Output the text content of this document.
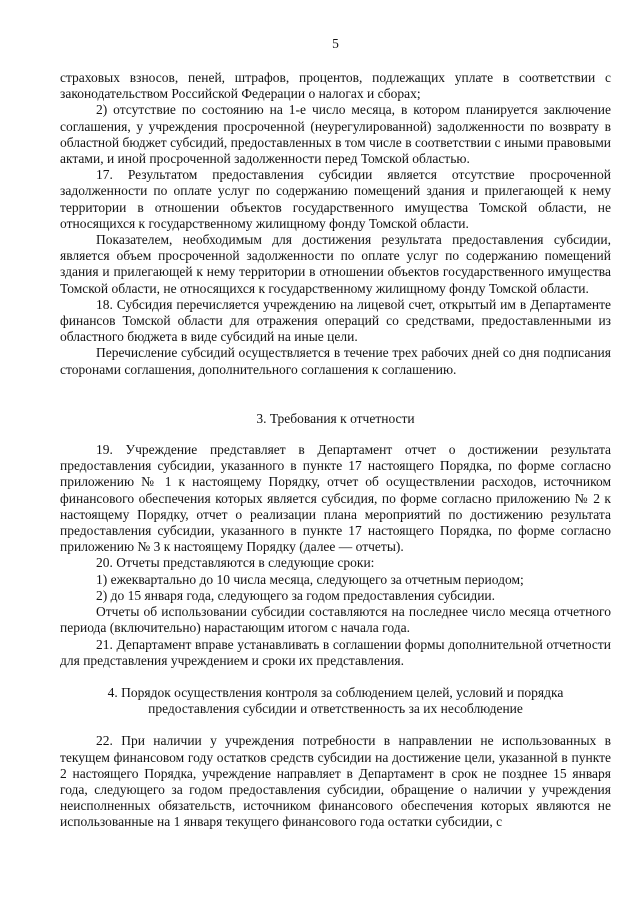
5

страховых взносов, пеней, штрафов, процентов, подлежащих уплате в соответствии с законодательством Российской Федерации о налогах и сборах;

2) отсутствие по состоянию на 1-е число месяца, в котором планируется заключение соглашения, у учреждения просроченной (неурегулированной) задолженности по возврату в областной бюджет субсидий, предоставленных в том числе в соответствии с иными правовыми актами, и иной просроченной задолженности перед Томской областью.

17. Результатом предоставления субсидии является отсутствие просроченной задолженности по оплате услуг по содержанию помещений здания и прилегающей к нему территории в отношении объектов государственного имущества Томской области, не относящихся к государственному жилищному фонду Томской области.

Показателем, необходимым для достижения результата предоставления субсидии, является объем просроченной задолженности по оплате услуг по содержанию помещений здания и прилегающей к нему территории в отношении объектов государственного имущества Томской области, не относящихся к государственному жилищному фонду Томской области.

18. Субсидия перечисляется учреждению на лицевой счет, открытый им в Департаменте финансов Томской области для отражения операций со средствами, предоставленными из областного бюджета в виде субсидий на иные цели.

Перечисление субсидий осуществляется в течение трех рабочих дней со дня подписания сторонами соглашения, дополнительного соглашения к соглашению.

3. Требования к отчетности

19. Учреждение представляет в Департамент отчет о достижении результата предоставления субсидии, указанного в пункте 17 настоящего Порядка, по форме согласно приложению № 1 к настоящему Порядку, отчет об осуществлении расходов, источником финансового обеспечения которых является субсидия, по форме согласно приложению № 2 к настоящему Порядку, отчет о реализации плана мероприятий по достижению результата предоставления субсидии, указанного в пункте 17 настоящего Порядка, по форме согласно приложению № 3 к настоящему Порядку (далее — отчеты).

20. Отчеты представляются в следующие сроки:

1) ежеквартально до 10 числа месяца, следующего за отчетным периодом;

2) до 15 января года, следующего за годом предоставления субсидии.

Отчеты об использовании субсидии составляются на последнее число месяца отчетного периода (включительно) нарастающим итогом с начала года.

21. Департамент вправе устанавливать в соглашении формы дополнительной отчетности для представления учреждением и сроки их представления.

4. Порядок осуществления контроля за соблюдением целей, условий и порядка

предоставления субсидии и ответственность за их несоблюдение

22. При наличии у учреждения потребности в направлении не использованных в текущем финансовом году остатков средств субсидии на достижение цели, указанной в пункте 2 настоящего Порядка, учреждение направляет в Департамент в срок не позднее 15 января года, следующего за годом предоставления субсидии, обращение о наличии у учреждения неисполненных обязательств, источником финансового обеспечения которых являются не использованные на 1 января текущего финансового года остатки субсидии, с
